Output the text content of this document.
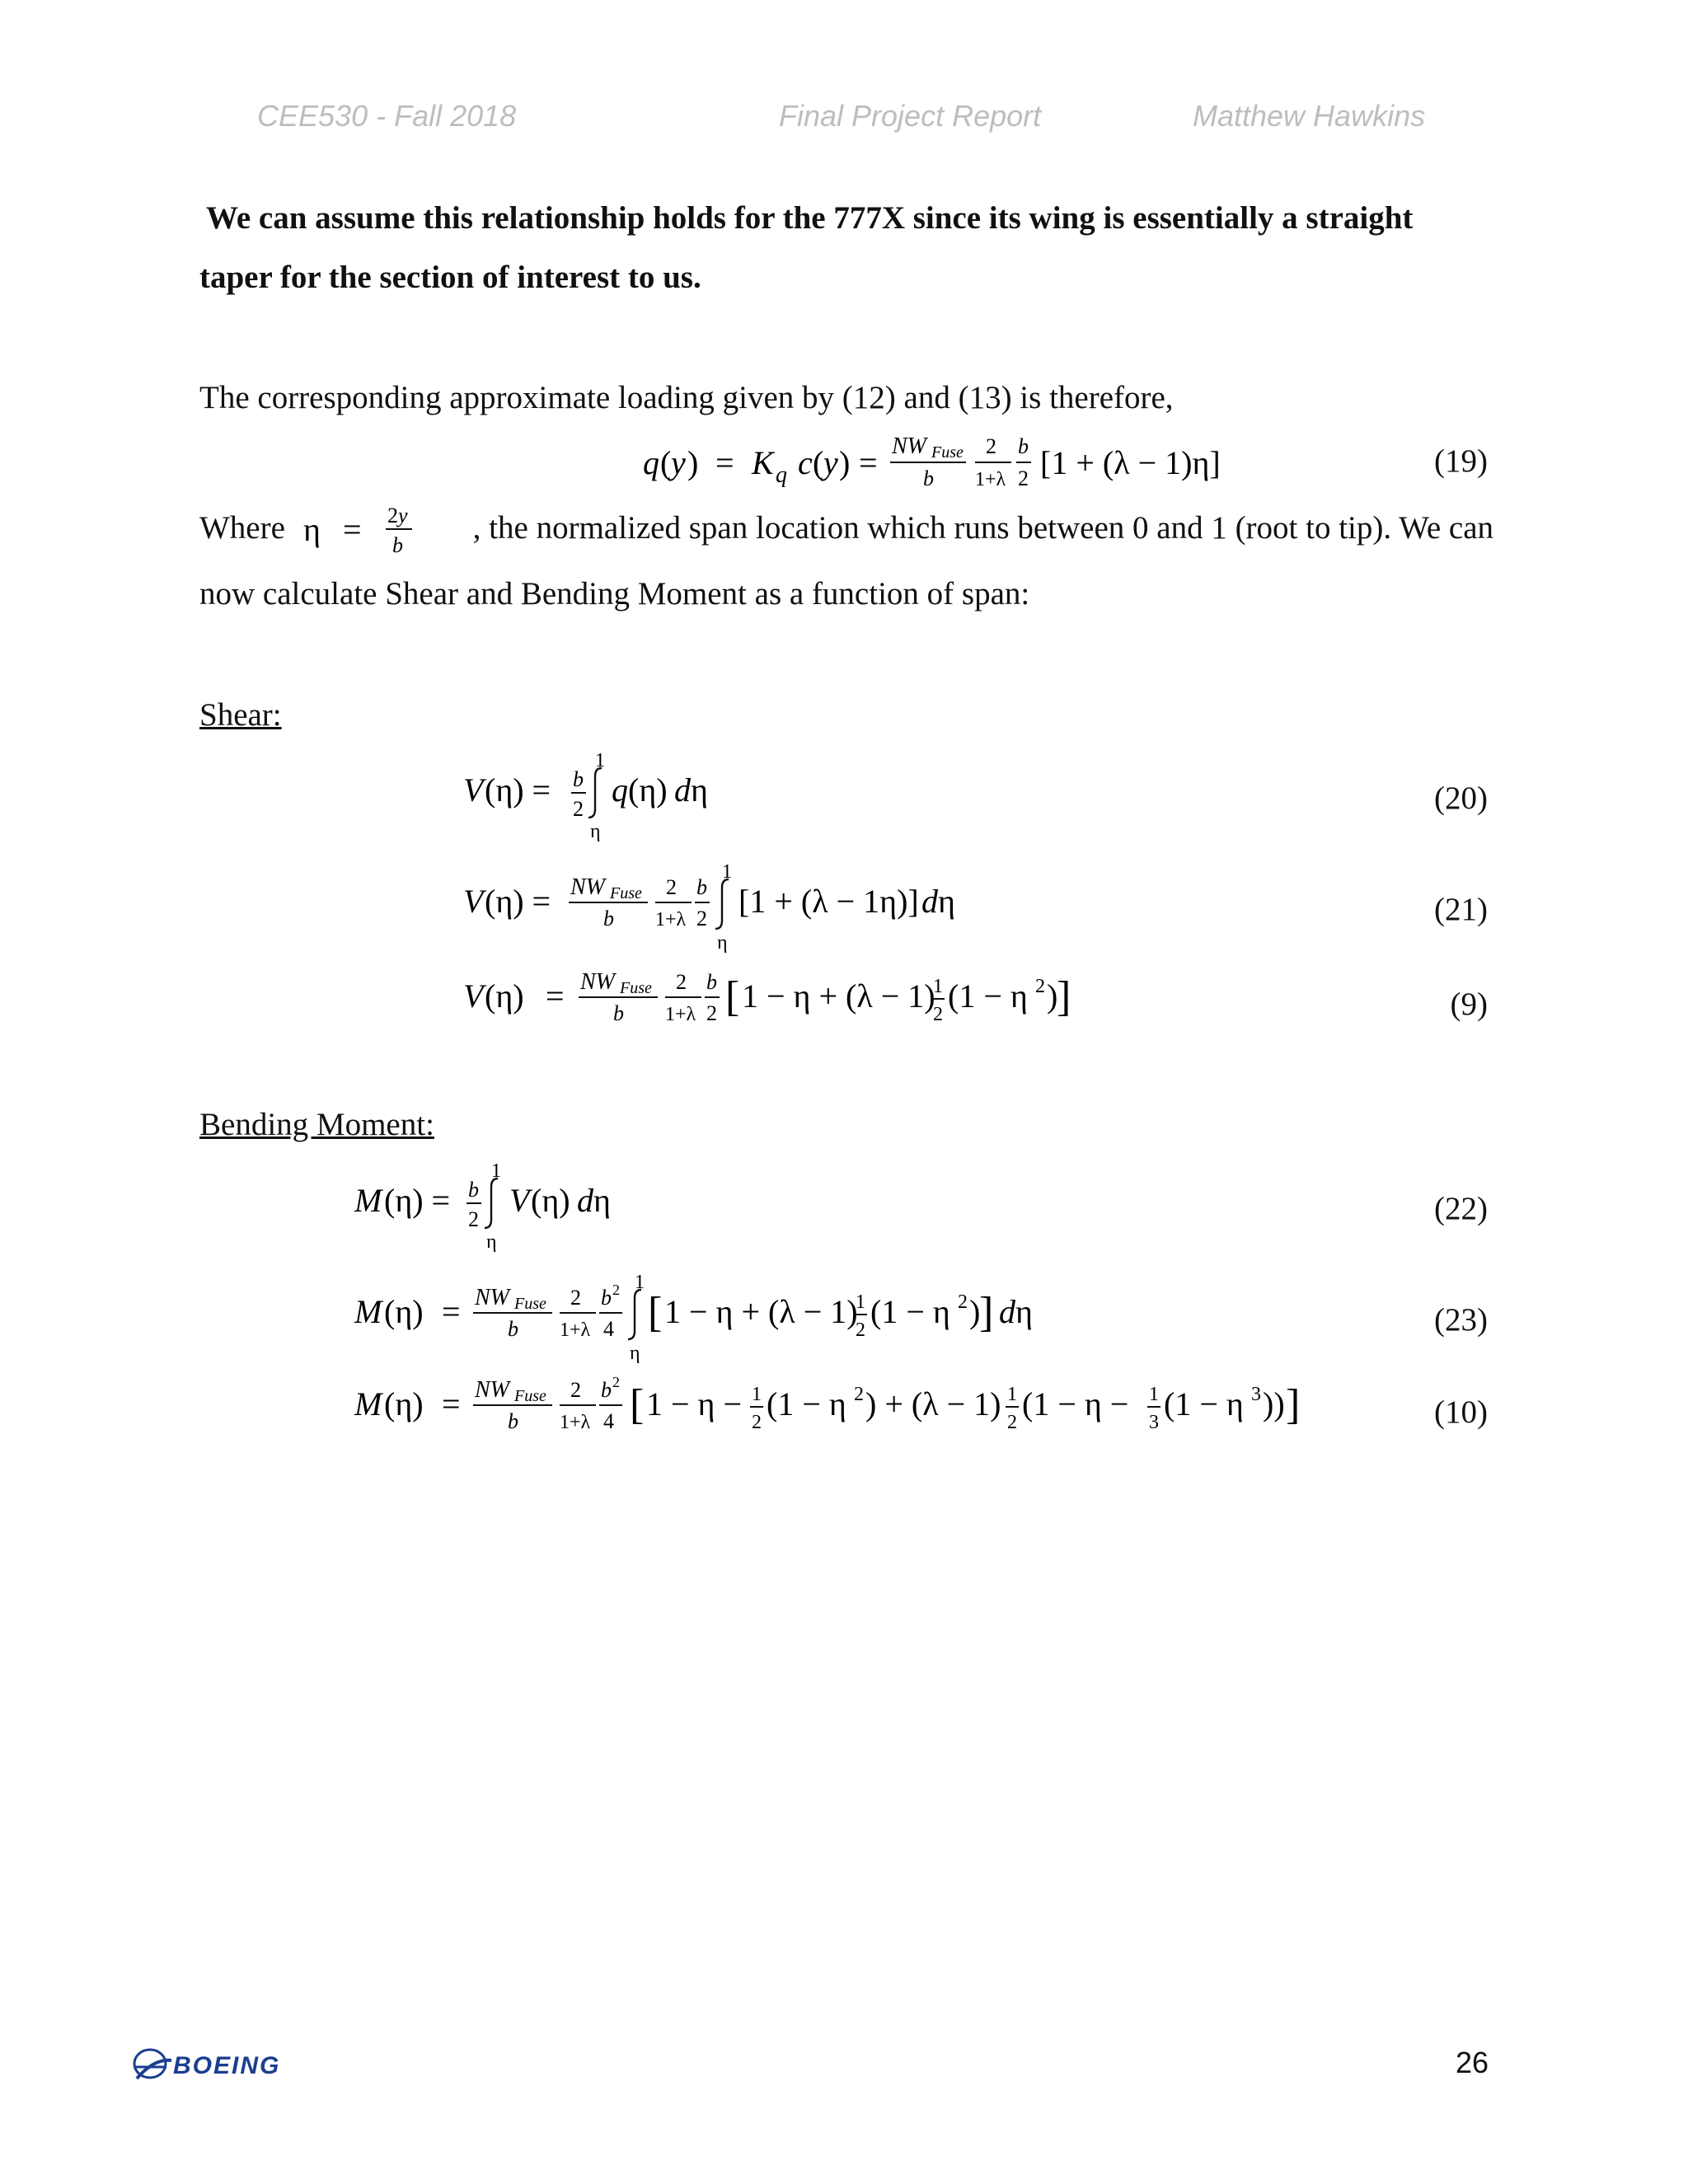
CEE530 - Fall 2018	Final Project Report	Matthew Hawkins
We can assume this relationship holds for the 777X since its wing is essentially a straight
taper for the section of interest to us.
The corresponding approximate loading given by (12) and (13) is therefore,
q ( y ) = K q c ( y ) = NW Fuse
b
2
1+λ
b
2 [1 + (λ − 1)η]	(19)
Where η = 2y
b , the normalized span location which runs between 0 and 1 (root to tip). We can
now calculate Shear and Bending Moment as a function of span:
Shear:
V (η) = b
2
1
η
q (η) d η	(20)
V (η) = NW Fuse
b
2
1+λ
b
2
1
η
[1 + (λ − 1η)] d η	(21)
V (η) = NW Fuse
b
2
1+λ
b
2 [ 1 − η + (λ − 1)
1
2 (1 − η 2 )
]	(9)
Bending Moment:
M (η) = b
2
1
η
V (η) d η	(22)
M (η) = NW Fuse
b
2
1+λ
b 2
4
1
η
[ 1 − η + (λ − 1)
1
2 (1 − η 2 )
] d η	(23)
M (η) = NW Fuse
b
2
1+λ
b 2
4 [ 1 − η − 1
2 (1 − η 2 ) + (λ − 1) 1
2 (1 − η − 1
3 (1 − η 3 )) ]	(10)
BOEING	26
